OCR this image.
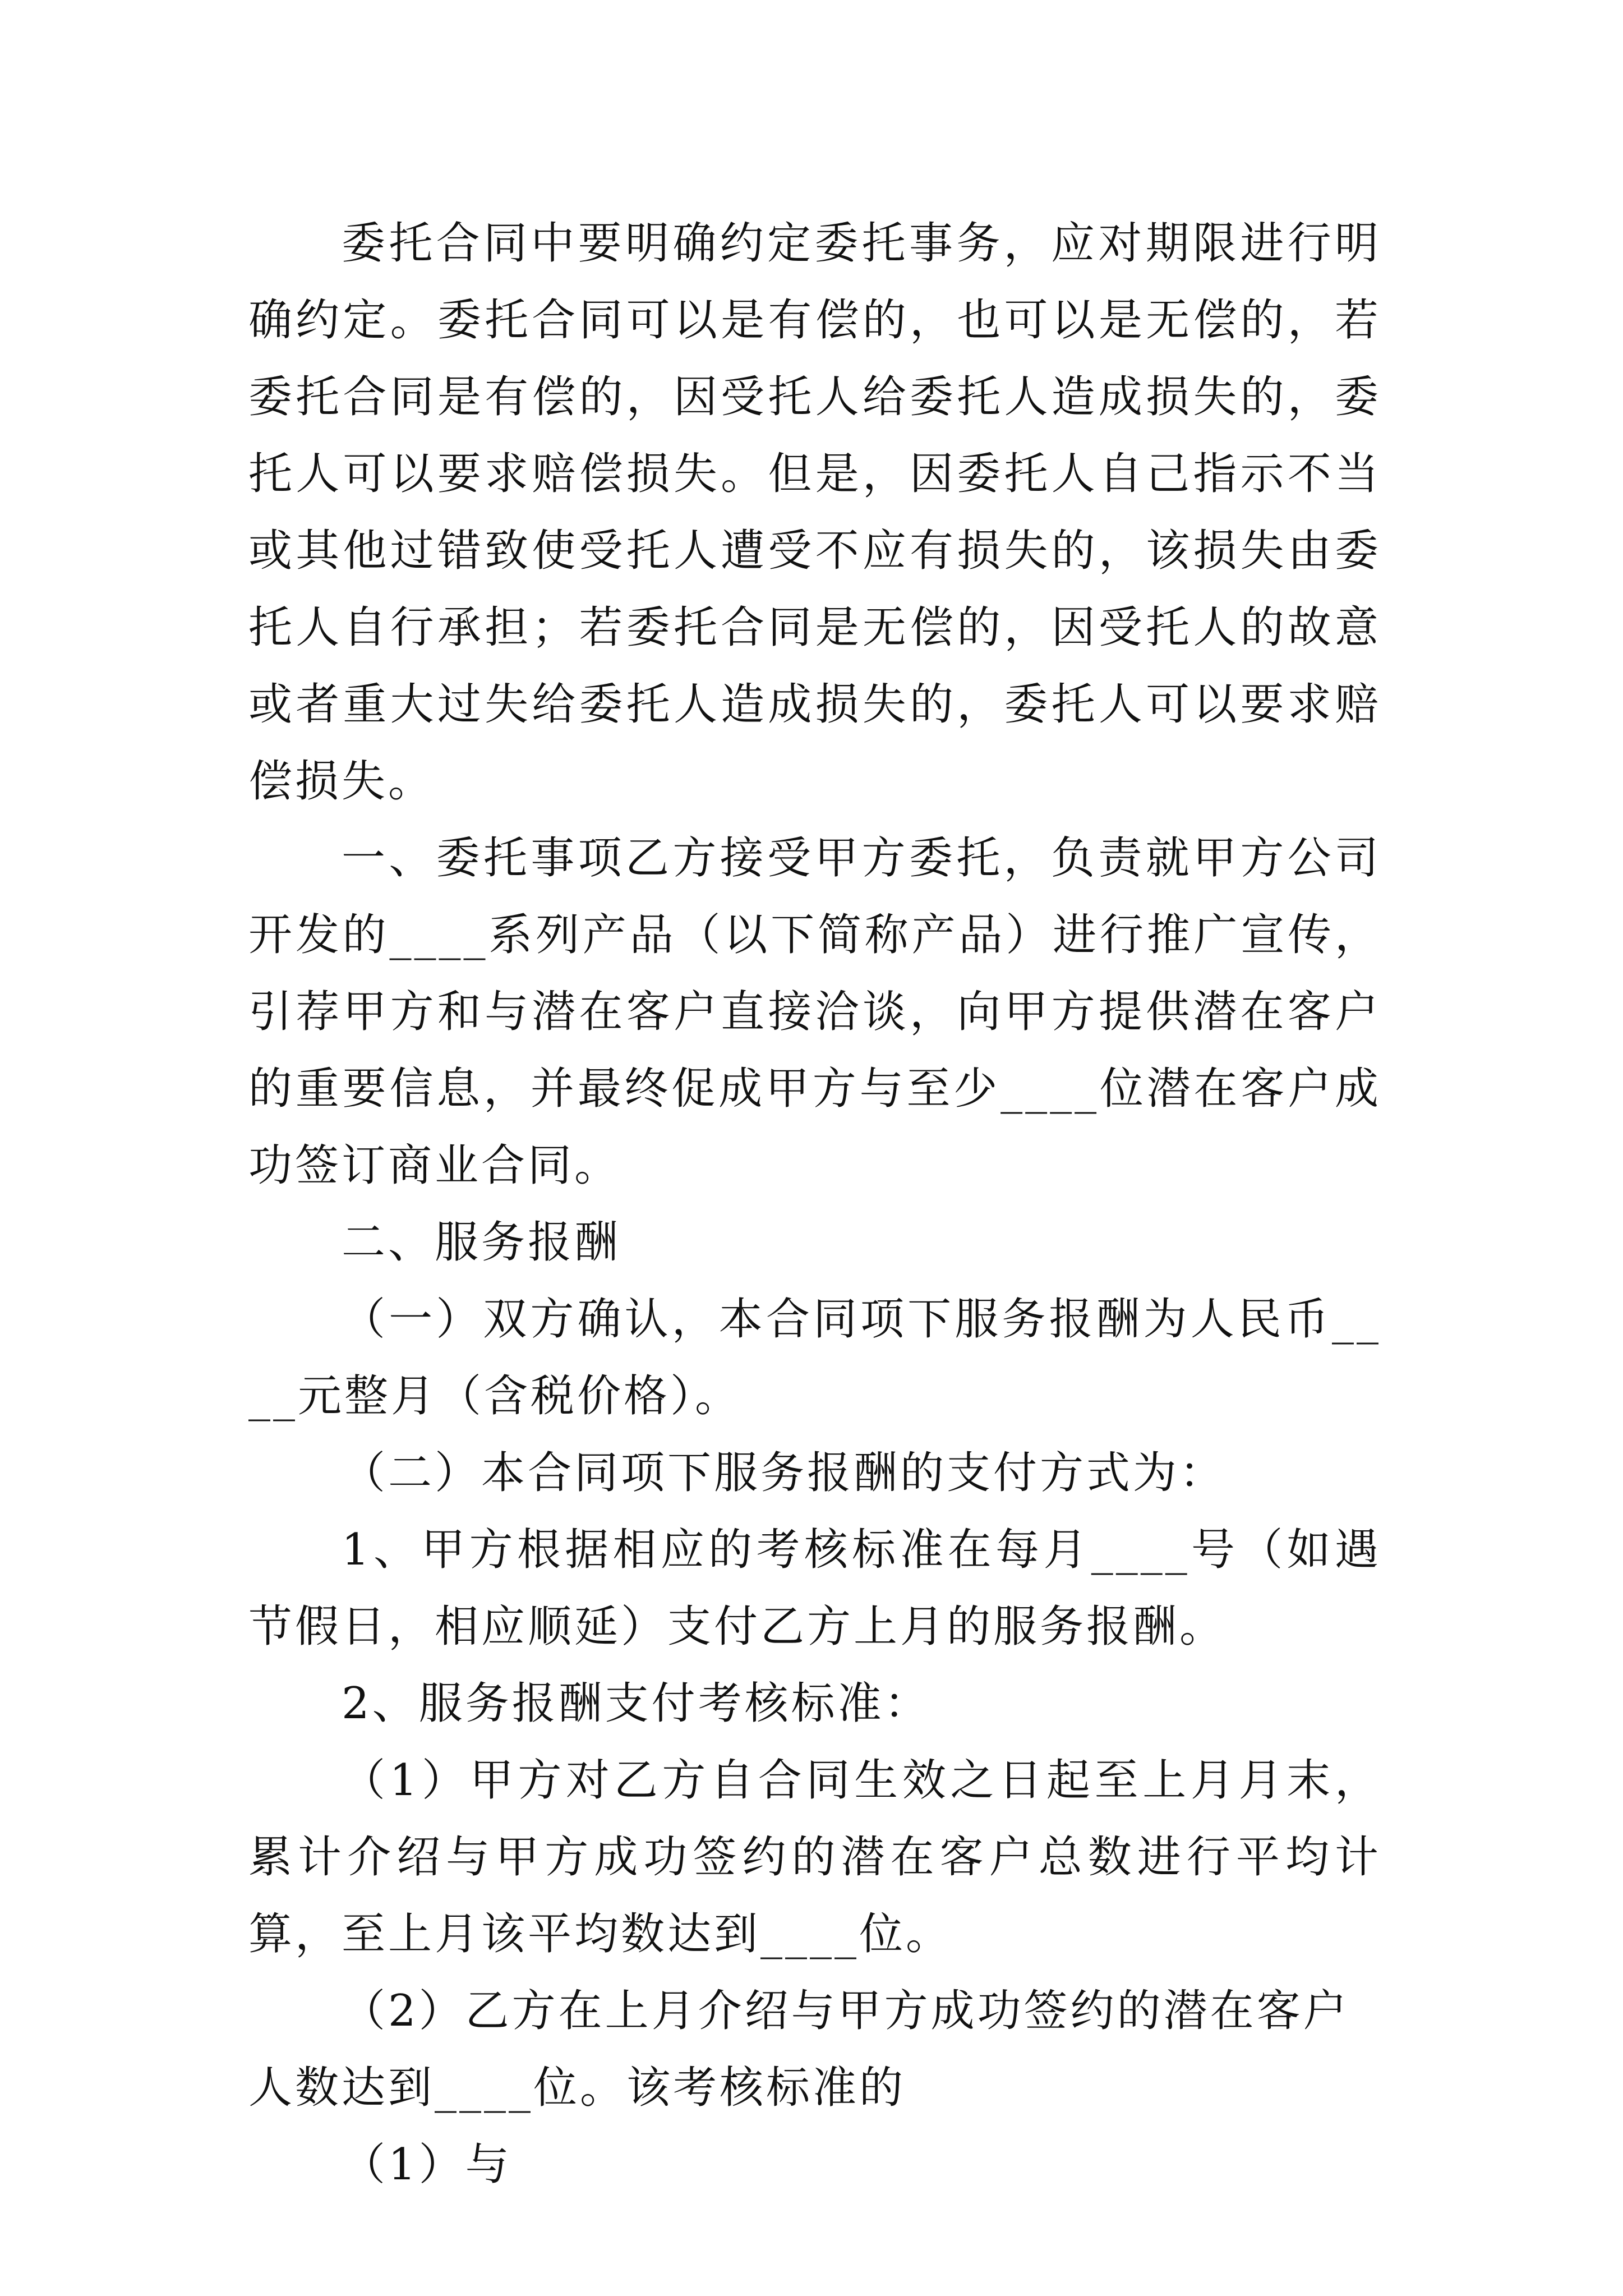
委托合同中要明确约定委托事务，应对期限进行明确约定。委托合同可以是有偿的，也可以是无偿的，若委托合同是有偿的，因受托人给委托人造成损失的，委托人可以要求赔偿损失。但是，因委托人自己指示不当或其他过错致使受托人遭受不应有损失的，该损失由委托人自行承担；若委托合同是无偿的，因受托人的故意或者重大过失给委托人造成损失的，委托人可以要求赔偿损失。

一、委托事项乙方接受甲方委托，负责就甲方公司开发的____系列产品（以下简称产品）进行推广宣传，引荐甲方和与潜在客户直接洽谈，向甲方提供潜在客户的重要信息，并最终促成甲方与至少____位潜在客户成功签订商业合同。

二、服务报酬

（一）双方确认，本合同项下服务报酬为人民币____元整月（含税价格）。

（二）本合同项下服务报酬的支付方式为：

1、甲方根据相应的考核标准在每月____号（如遇节假日，相应顺延）支付乙方上月的服务报酬。

2、服务报酬支付考核标准：

（1）甲方对乙方自合同生效之日起至上月月末，累计介绍与甲方成功签约的潜在客户总数进行平均计算，至上月该平均数达到____位。

（2）乙方在上月介绍与甲方成功签约的潜在客户人数达到____位。该考核标准的

（1）与
